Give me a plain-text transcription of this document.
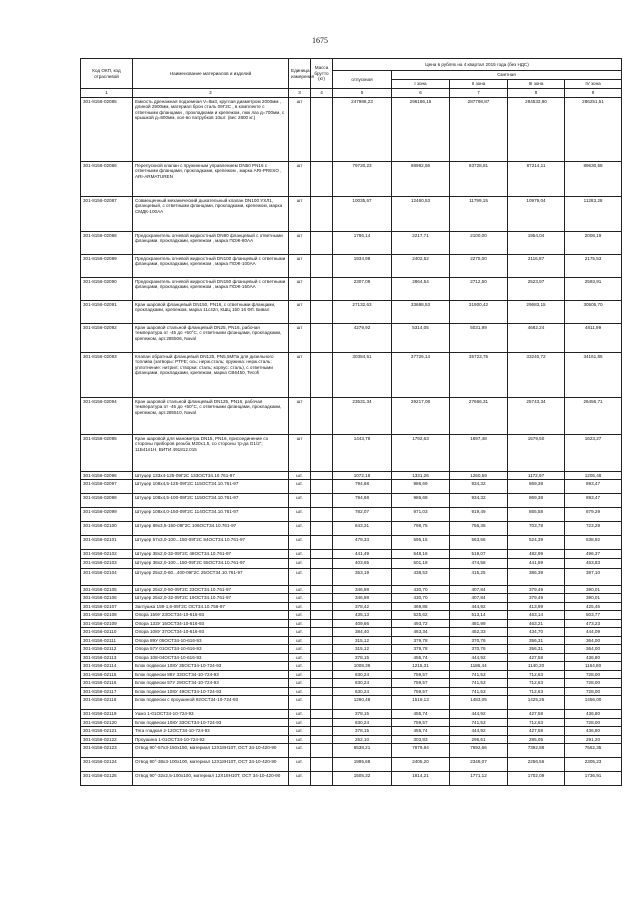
1675
Код ОКП, код отраслевой	Наименование материалов и изделий	Единица измерения	Масса брутто (кг)	Цена в рублях на 4 квартал 2015 года (без НДС)				
				отпускная	Сметная			
					I зона	II зона	III зона	IV зона
1	2	3	4	5	6	7	8	9
301-8156-02085	Емкость дренажная подземная V=8м3, круглая диаметром 2000мм , длиной 2900мм, материал брон сталь 09Г2С , в комплекте с ответными фланцами , прокладками и крепежом, люк лаз д=700мм, с крышкой д=800мм, хол-во патрубков 10шт. (вес 2800 кг.)	шт		247986,23	296186,15	287798,87	284533,90	286251,51
301-8156-02086	Перепускной клапан с пружинным управлением DN50 PN16 с ответными фланцами, прокладками, крепежом , марка ARI-PRESO , ARI-ARMATUREN	шт		79720,23	98982,56	93728,81	87214,11	89630,58
301-8156-02087	Совмещенный механический дыхательный клапан DN100 УХЛ1, фланцевый, с ответными фланцами, прокладками, крепежом, марка СМДК-100АА	шт		10035,67	12460,53	11799,15	10979,04	11283,28
301-8156-02088	Предохранитель огневой жидкостный DN80 фланцевый с ответными фланцами, прокладками, крепежом , марка ПОЖ-80АА	шт		1786,14	2217,71	2100,00	1954,04	2008,19
301-8156-02089	Предохранитель огневой жидкостный DN100 фланцевый с ответными фланцами, прокладками, крепежом , марка ПОЖ-100АА	шт		1934,98	2402,52	2275,00	2116,87	2175,53
301-8156-02090	Предохранитель огневой жидкостный DN150 фланцевый с ответными фланцами, прокладками, крепежом , марка ПОЖ-150АА	шт		2307,09	2864,54	2712,50	2523,97	2593,91
301-8156-02091	Кран шаровой фланцевый DN150, PN16, с ответными фланцами, прокладками, крепежом, марка 11с42п, КШЦ 150 16 ФЛ. Бивал	шт		27132,63	33688,53	31900,42	29683,15	30505,70
301-8156-02092	Кран шаровой стальной фланцевый DN25, PN16, рабочая температура от -45 до +50°С, с ответными фланцами, прокладками, крепежом, арт.285506, Naval	шт		4279,92	5314,05	5031,99	4682,24	4811,99
301-8156-02093	Клапан обратный фланцевый DN125, PN5,5МПа для дизельного топлива (затворы: PTFE; ось: нерж.сталь; пружина: нерж.сталь; уплотнение: нитрил; створки: сталь; корпус: сталь), с ответными фланцами, прокладками, крепежом, марка CB6450, Tecofi	шт		30384,51	37726,14	35723,75	33240,72	34161,85
301-8156-02094	Кран шаровой стальной фланцевый DN125, PN16, рабочая температура от -45 до +50°С, с ответными фланцами, прокладками, крепежом, арт.285510, Naval	шт		23531,34	29217,08	27666,31	25743,34	26456,71
301-8156-02095	Кран шаровой для манометра DN15, PN16, присоединение со стороны приборов резьба M20x1,5, со стороны тр-да G1/2", 11Б41п1Н, ВИТИ 491812.015	шт		1443,78	1792,63	1697,48	1579,50	1623,27
301-8156-02096	Штуцер 133х4-125-09Г2С 133ОСТ34.10.761-97	шт.		1072,19	1331,26	1260,59	1172,97	1205,48
301-8156-02097	Штуцер 108х4,5-125-09Г2С 115ОСТ34.10.761-97	шт.		794,68	986,69	934,32	869,38	893,47
301-8156-02098	Штуцер 108х4,5-100-09Г2С 115ОСТ34.10.761-97	шт.		794,68	986,69	934,32	869,38	893,47
301-8156-02099	Штуцер 108х4,0-150-09Г2С 114ОСТ34.10.761-97	шт.		782,07	971,03	919,49	855,58	879,29
301-8156-02100	Штуцер 89х3,5-150-09Г2С 106ОСТ34.10.761-97	шт.		643,31	798,75	756,35	703,78	723,29
301-8156-02101	Штуцер 57х3,0-100...150-09Г2С 84ОСТ34.10.761-97	шт.		479,33	595,15	563,56	524,39	538,92
301-8156-02102	Штуцер 38х2,0-32-09Г2С 48ОСТ34.10.761-97	шт.		441,49	548,16	519,07	482,99	496,37
301-8156-02103	Штуцер 38х2,0-100...150-09Г2С 55ОСТ34.10.761-97	шт.		403,65	501,18	474,58	441,59	453,83
301-8156-02104	Штуцер 25х2,0-60...400-09Г2С 25ОСТ34.10.761-97	шт.		353,19	438,53	415,25	386,39	397,10
301-8156-02105	Штуцер 25х2,0-50-09Г2С 23ОСТ34.10.761-97	шт.		346,88	430,70	407,84	379,49	390,01
301-8156-02106	Штуцер 25х2,0-32-09Г2С 19ОСТ34.10.761-97	шт.		346,88	430,70	407,84	379,49	390,01
301-8156-02107	Заглушка 159-1,6-09Г2С ОСТ34.10.756-97	шт.		378,42	469,85	444,92	413,99	425,46
301-8156-02108	Опора 159У 23ОСТ34-10-616-93	шт.		435,13	525,62	513,14	463,14	503,77
301-8156-02109	Опора 133У 15ОСТ34-10-616-93	шт.		409,66	493,72	481,99	463,21	473,23
301-8156-02110	Опора 108У 37ОСТ34-10-616-93	шт.		384,40	463,34	452,33	434,70	444,09
301-8156-02111	Опора 89У 05ОСТ34-10-616-93	шт.		315,12	379,78	370,76	356,31	364,00
301-8156-02112	Опора 57У 01ОСТ34-10-616-93	шт.		315,12	379,78	370,76	356,31	364,00
301-8156-02113	Опора 108-04ОСТ34-10-616-93	шт.		378,15	455,74	444,92	427,58	436,80
301-8156-02114	Блок подвески 108У 35ОСТ34-10-724-93	шт.		1008,39	1215,31	1186,44	1140,20	1164,80
301-8156-02115	Блок подвески 89У 33ОСТ34-10-724-93	шт.		630,24	759,57	741,53	712,63	728,00
301-8156-02116	Блок подвески 57У 29ОСТ34-10-724-93	шт.		630,24	759,57	741,53	712,63	728,00
301-8156-02117	Блок подвески 108У 49ОСТ34-10-724-93	шт.		630,24	759,57	741,53	712,63	728,00
301-8156-02118	Блок подвески с проушиной 92ОСТ34-10-724-93	шт.		1260,48	1519,13	1483,05	1425,25	1456,00
301-8156-02119	Ушко 1-01ОСТ34-10-724-93	шт.		378,15	455,74	444,92	427,58	436,80
301-8156-02120	Блок подвески 108У 33ОСТ34-10-724-93	шт.		630,24	759,57	741,53	712,63	728,00
301-8156-02121	Тяга гладкая 2-12ОСТ34-10-724-93	шт.		378,15	455,74	444,92	427,58	436,80
301-8156-02122	Проушина 1-01ОСТ34-10-724-93	шт.		252,10	303,83	296,61	285,05	291,20
301-8156-02123	Отвод 90°-57х3-150х150, материал 12Х18Н10Т, ОСТ 34-10-420-90	шт.		6538,21	7879,84	7692,66	7392,88	7552,35
301-8156-02124	Отвод 90°-38х3-100х100, материал 12Х18Н10Т, ОСТ 34-10-420-90	шт.		1995,68	2405,20	2348,07	2256,56	2305,23
301-8156-02125	Отвод 90°-32х2,5-100х100, материал 12Х18Н10Т, ОСТ 34-10-420-90	шт.		1505,32	1814,21	1771,12	1702,09	1736,91
